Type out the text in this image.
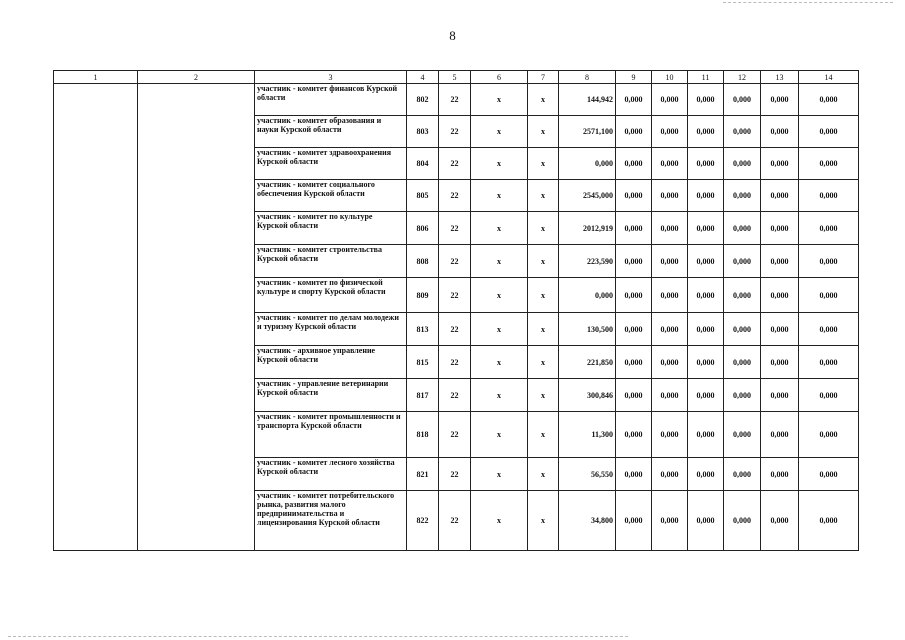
8
1	2	3	4	5	6	7	8	9	10	11	12	13	14
		участник - комитет финансов Курской области	802	22	х	х	144,942	0,000	0,000	0,000	0,000	0,000	0,000
		участник - комитет образования и науки Курской области	803	22	х	х	2571,100	0,000	0,000	0,000	0,000	0,000	0,000
		участник - комитет здравоохранения Курской области	804	22	х	х	0,000	0,000	0,000	0,000	0,000	0,000	0,000
		участник - комитет социального обеспечения Курской области	805	22	х	х	2545,000	0,000	0,000	0,000	0,000	0,000	0,000
		участник - комитет по культуре Курской области	806	22	х	х	2012,919	0,000	0,000	0,000	0,000	0,000	0,000
		участник - комитет строительства Курской области	808	22	х	х	223,590	0,000	0,000	0,000	0,000	0,000	0,000
		участник - комитет по физической культуре и спорту Курской области	809	22	х	х	0,000	0,000	0,000	0,000	0,000	0,000	0,000
		участник - комитет по делам молодежи и туризму Курской области	813	22	х	х	130,500	0,000	0,000	0,000	0,000	0,000	0,000
		участник - архивное управление Курской области	815	22	х	х	221,850	0,000	0,000	0,000	0,000	0,000	0,000
		участник - управление ветеринарии Курской области	817	22	х	х	300,846	0,000	0,000	0,000	0,000	0,000	0,000
		участник - комитет промышленности и транспорта Курской области	818	22	х	х	11,300	0,000	0,000	0,000	0,000	0,000	0,000
		участник - комитет лесного хозяйства Курской области	821	22	х	х	56,550	0,000	0,000	0,000	0,000	0,000	0,000
		участник - комитет потребительского рынка, развития малого предпринимательства и лицензирования Курской области	822	22	х	х	34,800	0,000	0,000	0,000	0,000	0,000	0,000
